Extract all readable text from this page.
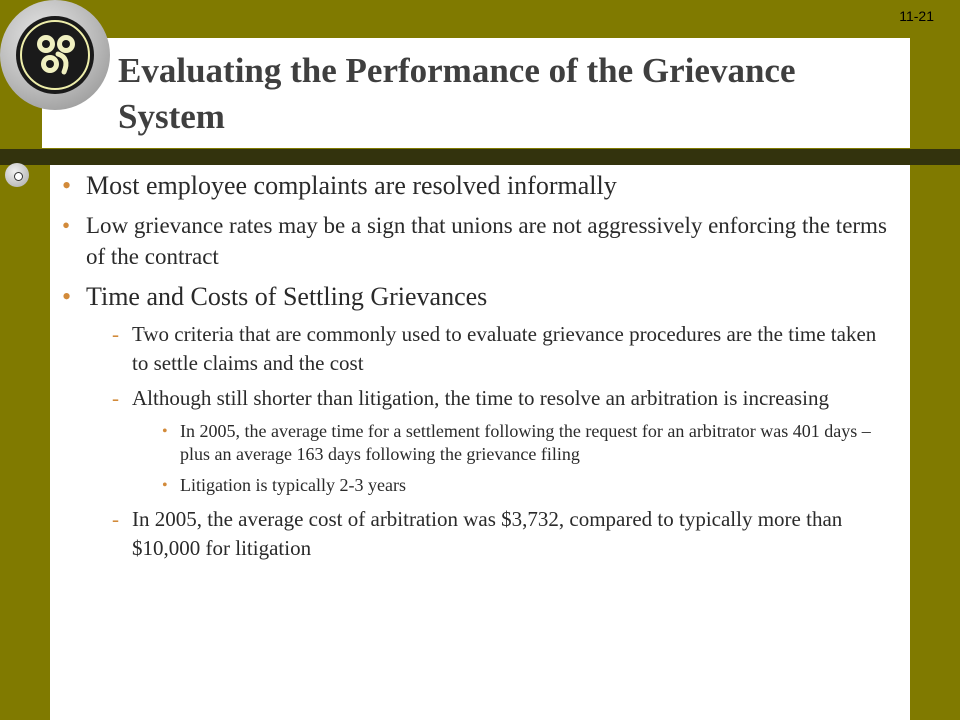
11-21
Evaluating the Performance of the Grievance System
• Most employee complaints are resolved informally
• Low grievance rates may be a sign that unions are not aggressively enforcing the terms of the contract
• Time and Costs of Settling Grievances
- Two criteria that are commonly used to evaluate grievance procedures are the time taken to settle claims and the cost
- Although still shorter than litigation, the time to resolve an arbitration is increasing
• In 2005, the average time for a settlement following the request for an arbitrator was 401 days – plus an average 163 days following the grievance filing
• Litigation is typically 2-3 years
- In 2005, the average cost of arbitration was $3,732, compared to typically more than $10,000 for litigation
